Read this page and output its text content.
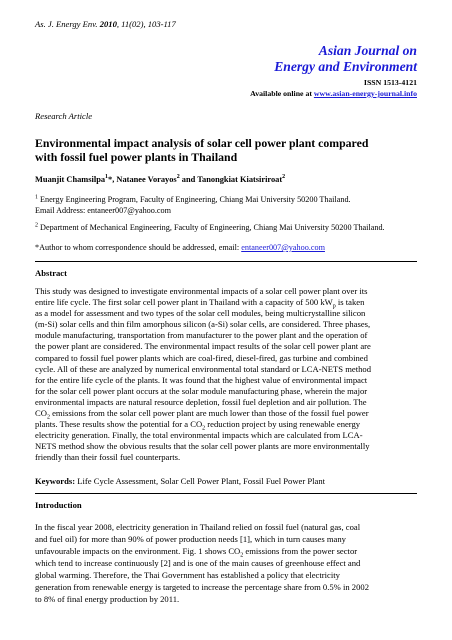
As. J. Energy Env. 2010, 11(02), 103-117
Asian Journal on
Energy and Environment
ISSN 1513-4121
Available online at www.asian-energy-journal.info
Research Article
Environmental impact analysis of solar cell power plant compared
with fossil fuel power plants in Thailand
Muanjit Chamsilpa$^1$*, Natanee Vorayos$^2$ and Tanongkiat Kiatsiriroat$^2$
$^1$ Energy Engineering Program, Faculty of Engineering, Chiang Mai University 50200 Thailand.
Email Address: entaneer007@yahoo.com
$^2$ Department of Mechanical Engineering, Faculty of Engineering, Chiang Mai University 50200 Thailand.
*Author to whom correspondence should be addressed, email: entaneer007@yahoo.com
Abstract
This study was designed to investigate environmental impacts of a solar cell power plant over its
entire life cycle. The first solar cell power plant in Thailand with a capacity of 500 $kW_p$ is taken
as a model for assessment and two types of the solar cell modules, being multicrystalline silicon
(m-Si) solar cells and thin film amorphous silicon (a-Si) solar cells, are considered. Three phases,
module manufacturing, transportation from manufacturer to the power plant and the operation of
the power plant are considered. The environmental impact results of the solar cell power plant are
compared to fossil fuel power plants which are coal-fired, diesel-fired, gas turbine and combined
cycle. All of these are analyzed by numerical environmental total standard or LCA-NETS method
for the entire life cycle of the plants. It was found that the highest value of environmental impact
for the solar cell power plant occurs at the solar module manufacturing phase, wherein the major
environmental impacts are natural resource depletion, fossil fuel depletion and air pollution. The
$CO_2$ emissions from the solar cell power plant are much lower than those of the fossil fuel power
plants. These results show the potential for a $CO_2$ reduction project by using renewable energy
electricity generation. Finally, the total environmental impacts which are calculated from LCA-
NETS method show the obvious results that the solar cell power plants are more environmentally
friendly than their fossil fuel counterparts.
Keywords: Life Cycle Assessment, Solar Cell Power Plant, Fossil Fuel Power Plant
Introduction
In the fiscal year 2008, electricity generation in Thailand relied on fossil fuel (natural gas, coal
and fuel oil) for more than 90% of power production needs [1], which in turn causes many
unfavourable impacts on the environment. Fig. 1 shows $CO_2$ emissions from the power sector
which tend to increase continuously [2] and is one of the main causes of greenhouse effect and
global warming. Therefore, the Thai Government has established a policy that electricity
generation from renewable energy is targeted to increase the percentage share from 0.5% in 2002
to 8% of final energy production by 2011.
